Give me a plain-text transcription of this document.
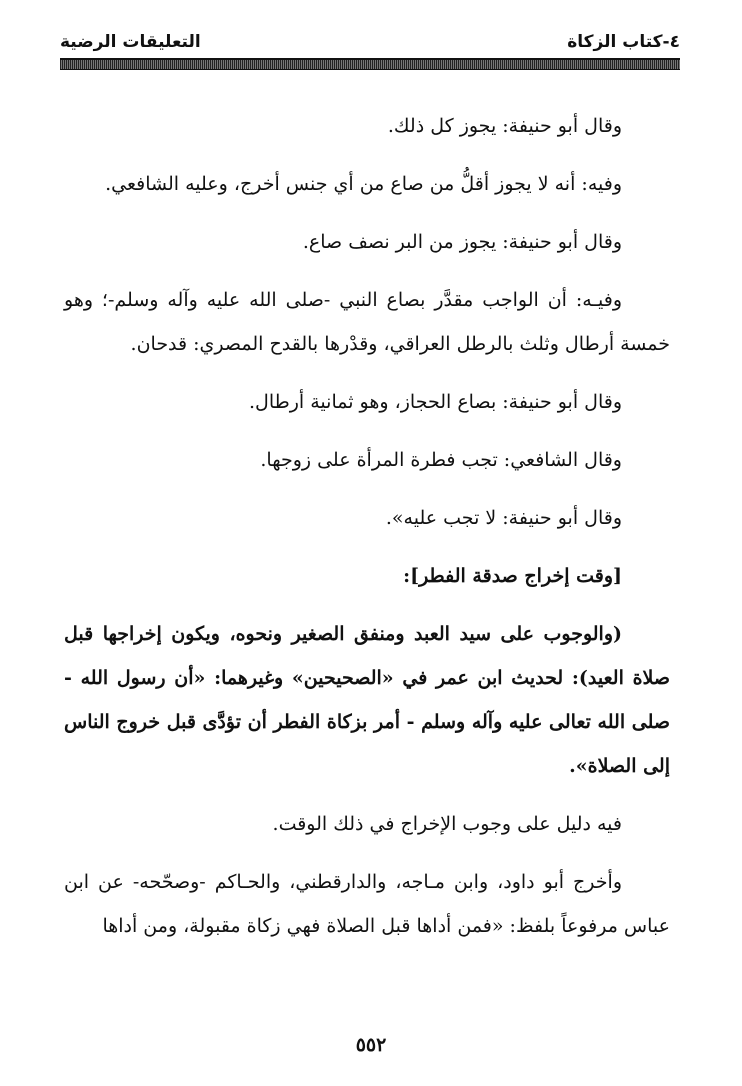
٤-كتاب الزكاة
التعليقات الرضية

وقال أبو حنيفة: يجوز كل ذلك.

وفيه: أنه لا يجوز أقلُّ من صاع من أي جنس أخرج، وعليه الشافعي.

وقال أبو حنيفة: يجوز من البر نصف صاع.

وفيـه: أن الواجب مقدَّر بصاع النبي -صلى الله عليه وآله وسلم-؛ وهو خمسة أرطال وثلث بالرطل العراقي، وقدْرها بالقدح المصري: قدحان.

وقال أبو حنيفة: بصاع الحجاز، وهو ثمانية أرطال.

وقال الشافعي: تجب فطرة المرأة على زوجها.

وقال أبو حنيفة: لا تجب عليه».

[وقت إخراج صدقة الفطر]:

(والوجوب على سيد العبد ومنفق الصغير ونحوه، ويكون إخراجها قبل صلاة العيد): لحديث ابن عمر في «الصحيحين» وغيرهما: «أن رسول الله - صلى الله تعالى عليه وآله وسلم - أمر بزكاة الفطر أن تؤدَّى قبل خروج الناس إلى الصلاة».

فيه دليل على وجوب الإخراج في ذلك الوقت.

وأخرج أبو داود، وابن مـاجه، والدارقطني، والحـاكم -وصحّحه- عن ابن عباس مرفوعاً بلفظ: «فمن أداها قبل الصلاة فهي زكاة مقبولة، ومن أداها

٥٥٢
